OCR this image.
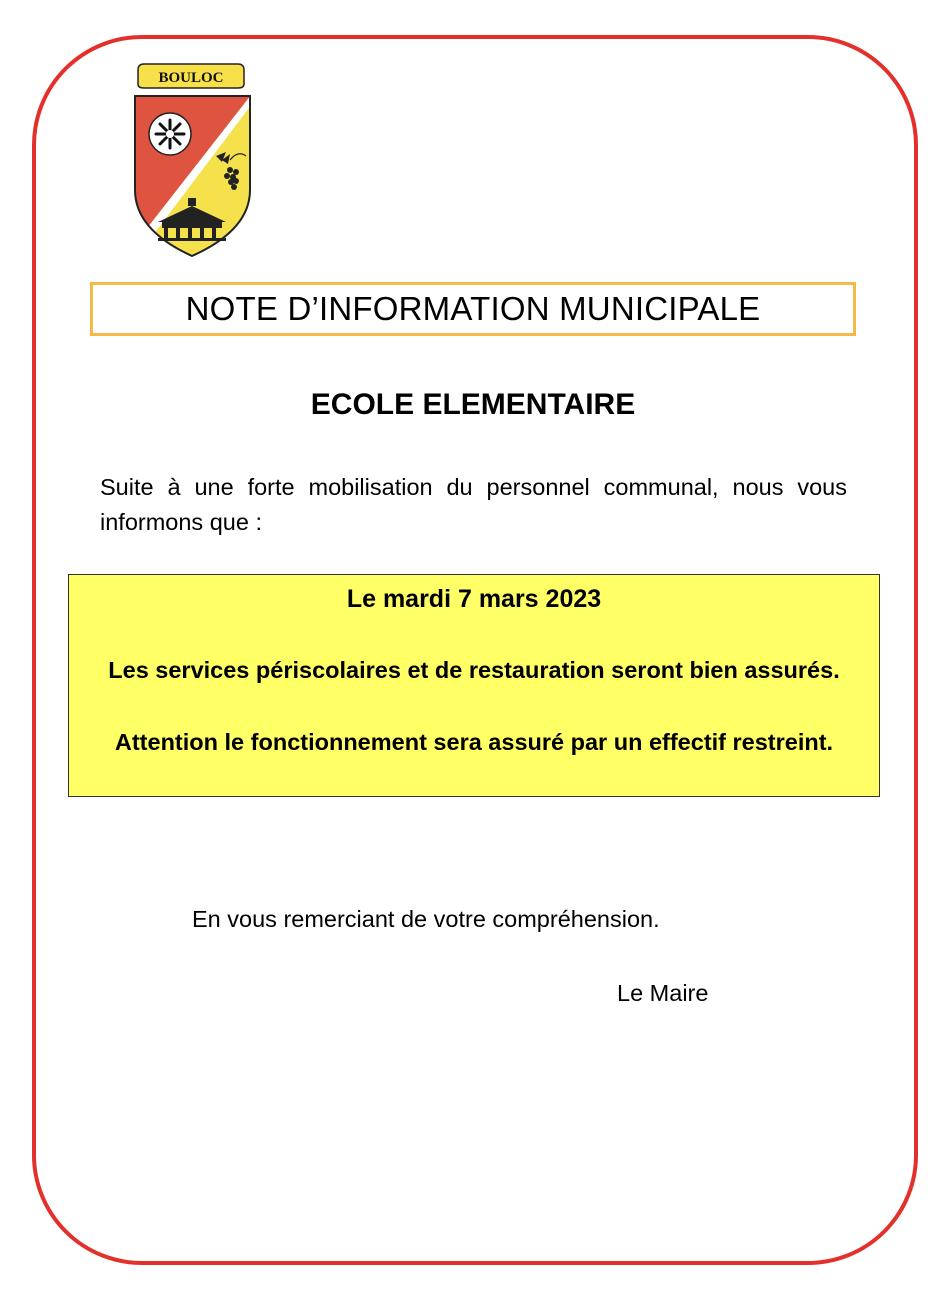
BOULOC
NOTE D’INFORMATION MUNICIPALE
ECOLE ELEMENTAIRE
Suite à une forte mobilisation du personnel communal, nous vous informons que :
Le mardi 7 mars 2023
Les services périscolaires et de restauration seront bien assurés.
Attention le fonctionnement sera assuré par un effectif restreint.
En vous remerciant de votre compréhension.
Le Maire
